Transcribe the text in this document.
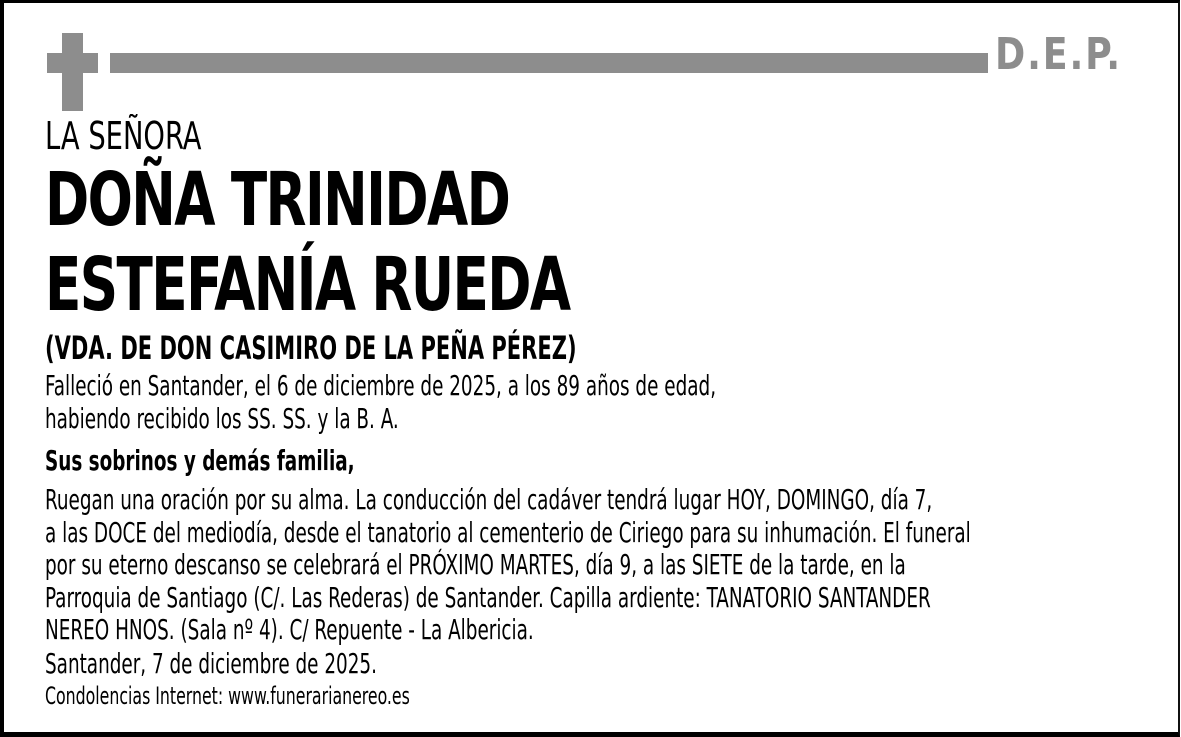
D.E.P.
LA SEÑORA
DOÑA TRINIDAD
ESTEFANÍA RUEDA
(VDA. DE DON CASIMIRO DE LA PEÑA PÉREZ)
Falleció en Santander, el 6 de diciembre de 2025, a los 89 años de edad,
habiendo recibido los SS. SS. y la B. A.
Sus sobrinos y demás familia,
Ruegan una oración por su alma. La conducción del cadáver tendrá lugar HOY, DOMINGO, día 7,
a las DOCE del mediodía, desde el tanatorio al cementerio de Ciriego para su inhumación. El funeral
por su eterno descanso se celebrará el PRÓXIMO MARTES, día 9, a las SIETE de la tarde, en la
Parroquia de Santiago (C/. Las Rederas) de Santander. Capilla ardiente: TANATORIO SANTANDER
NEREO HNOS. (Sala nº 4). C/ Repuente - La Albericia.
Santander, 7 de diciembre de 2025.
Condolencias Internet: www.funerarianereo.es
